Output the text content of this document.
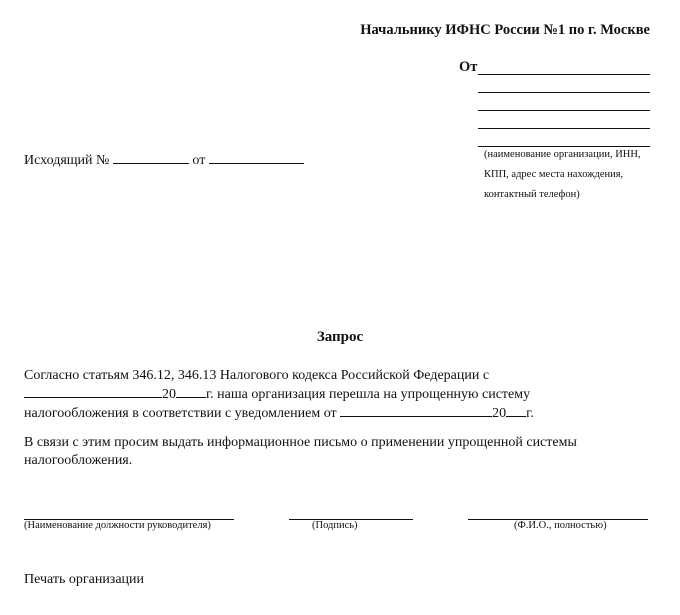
Начальнику ИФНС России №1 по г. Москве
От
(наименование организации, ИНН, КПП, адрес места нахождения, контактный телефон)
Исходящий №	от
Запрос

Согласно статьям 346.12, 346.13 Налогового кодекса Российской Федерации с

20 г. наша организация перешла на упрощенную систему

налогообложения в соответствии с уведомлением от	20 г.

В связи с этим просим выдать информационное письмо о применении упрощенной системы налогообложения.
(Наименование должности руководителя)	(Подпись)	(Ф.И.О., полностью)
Печать организации
